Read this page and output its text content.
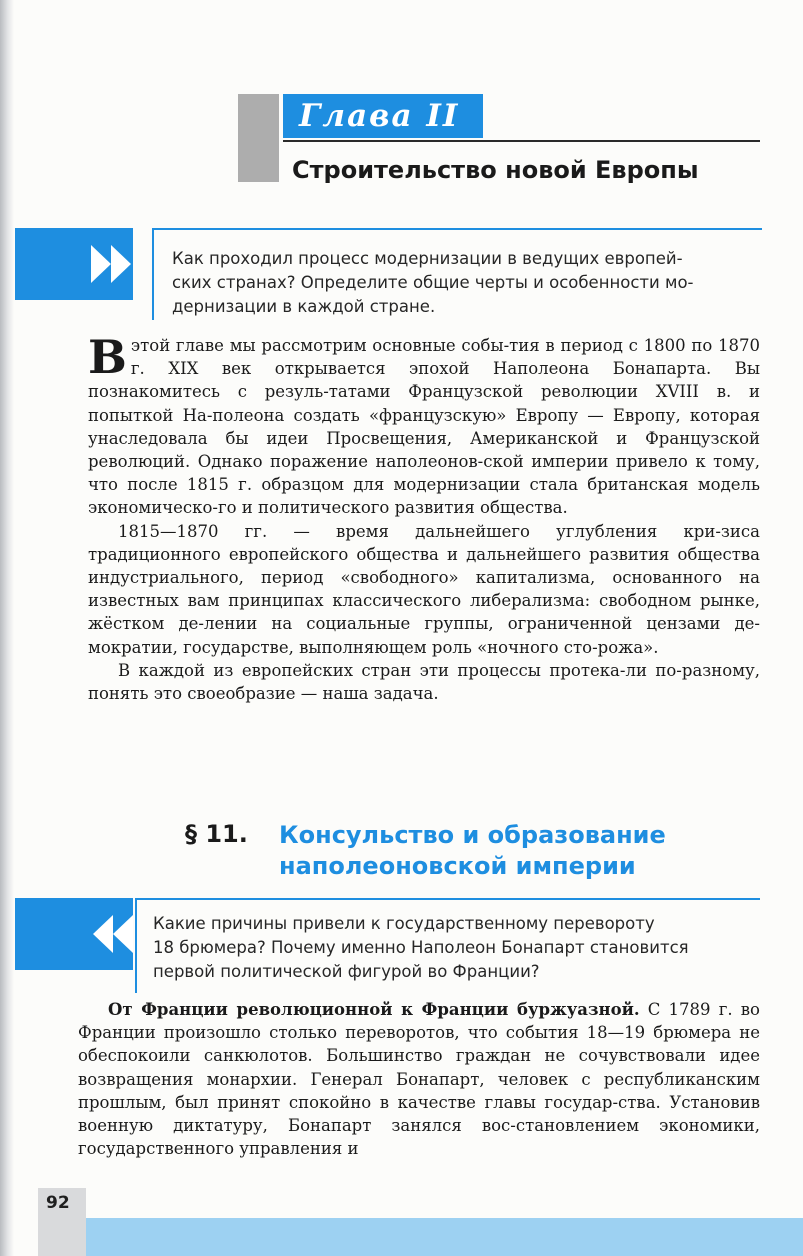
Глава II
Строительство новой Европы
Как проходил процесс модернизации в ведущих европей-
ских странах? Определите общие черты и особенности мо-
дернизации в каждой стране.

Вэтой главе мы рассмотрим основные собы-тия в период с 1800 по 1870 г. XIX век открывается эпохой Наполеона Бонапарта. Вы познакомитесь с резуль-татами Французской революции XVIII в. и попыткой На-полеона создать «французскую» Европу — Европу, которая унаследовала бы идеи Просвещения, Американской и Французской революций. Однако поражение наполеонов-ской империи привело к тому, что после 1815 г. образцом для модернизации стала британская модель экономическо-го и политического развития общества.

1815—1870 гг. — время дальнейшего углубления кри-зиса традиционного европейского общества и дальнейшего развития общества индустриального, период «свободного» капитализма, основанного на известных вам принципах классического либерализма: свободном рынке, жёстком де-лении на социальные группы, ограниченной цензами де-мократии, государстве, выполняющем роль «ночного сто-рожа».

В каждой из европейских стран эти процессы протека-ли по-разному, понять это своеобразие — наша задача.

§ 11. Консульство и образование
наполеоновской империи
Какие причины привели к государственному перевороту
18 брюмера? Почему именно Наполеон Бонапарт становится
первой политической фигурой во Франции?

От Франции революционной к Франции буржуазной. С 1789 г. во Франции произошло столько переворотов, что события 18—19 брюмера не обеспокоили санкюлотов. Большинство граждан не сочувствовали идее возвращения монархии. Генерал Бонапарт, человек с республиканским прошлым, был принят спокойно в качестве главы государ-ства. Установив военную диктатуру, Бонапарт занялся вос-становлением экономики, государственного управления и

92
